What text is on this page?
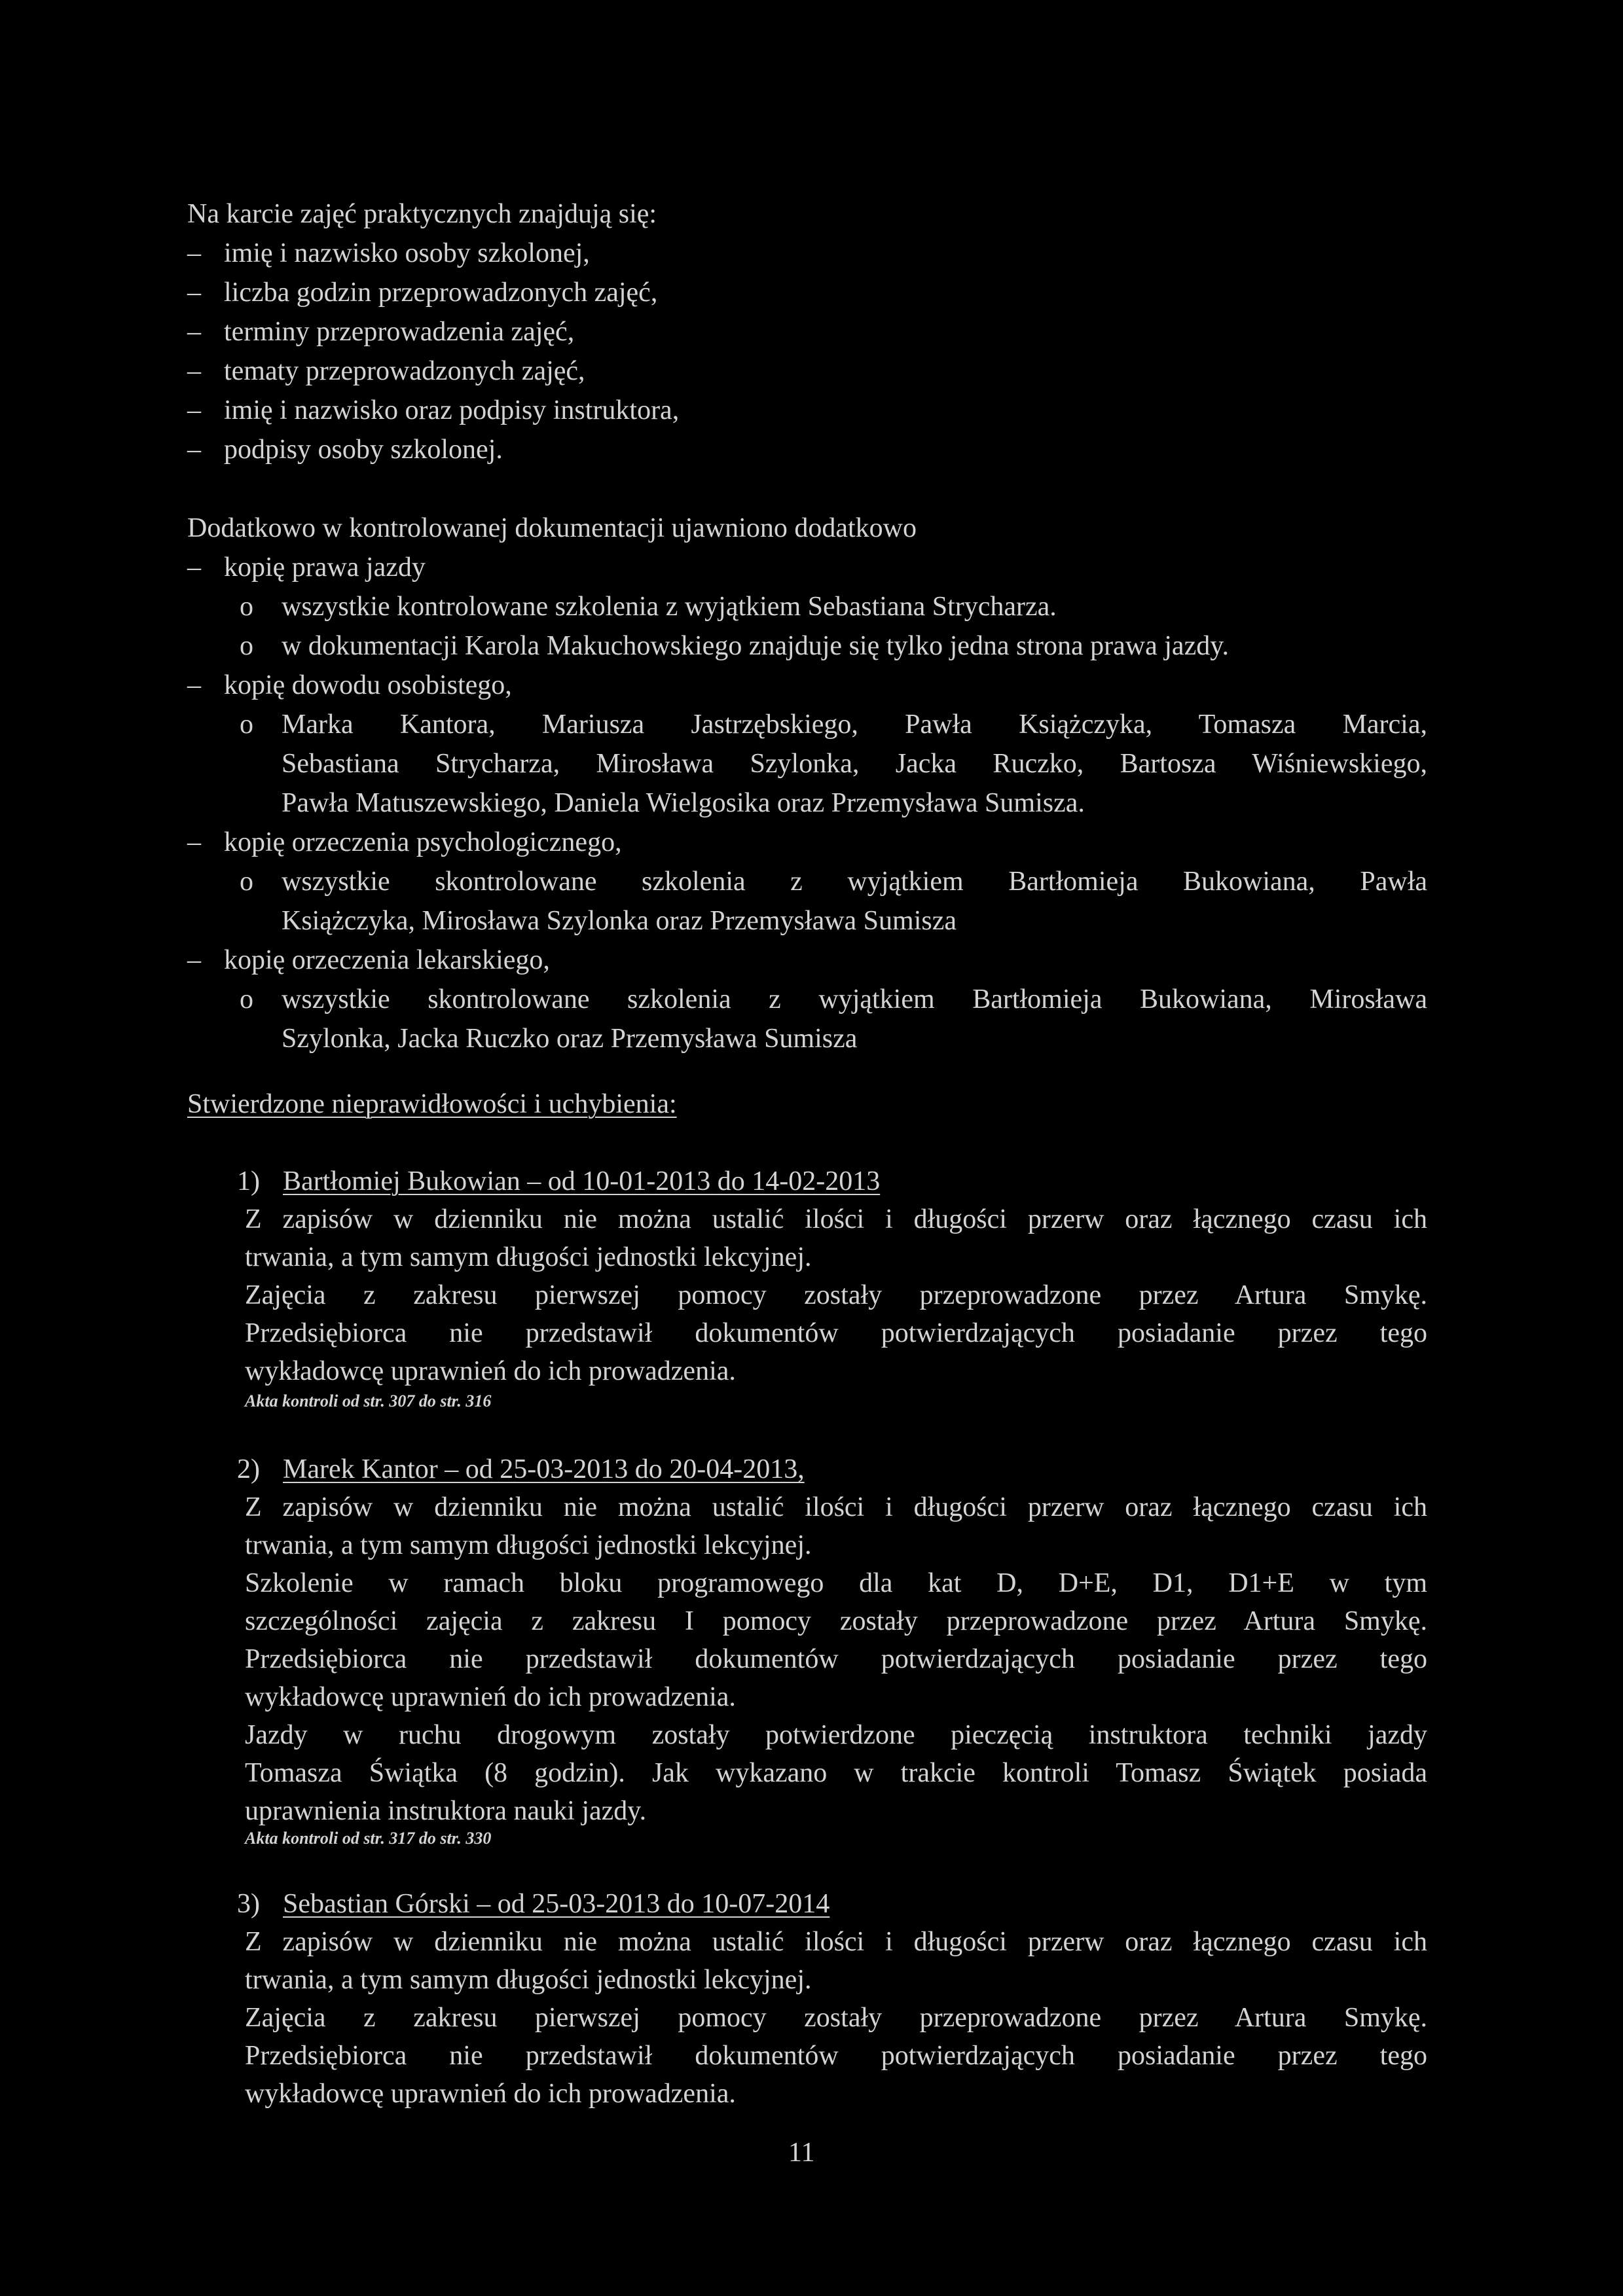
Na karcie zajęć praktycznych znajdują się:
– imię i nazwisko osoby szkolonej,
– liczba godzin przeprowadzonych zajęć,
– terminy przeprowadzenia zajęć,
– tematy przeprowadzonych zajęć,
– imię i nazwisko oraz podpisy instruktora,
– podpisy osoby szkolonej.
Dodatkowo w kontrolowanej dokumentacji ujawniono dodatkowo
– kopię prawa jazdy
o wszystkie kontrolowane szkolenia z wyjątkiem Sebastiana Strycharza.
o w dokumentacji Karola Makuchowskiego znajduje się tylko jedna strona prawa jazdy.
– kopię dowodu osobistego,
o Marka Kantora, Mariusza Jastrzębskiego, Pawła Książczyka, Tomasza Marcia,
Sebastiana Strycharza, Mirosława Szylonka, Jacka Ruczko, Bartosza Wiśniewskiego,
Pawła Matuszewskiego, Daniela Wielgosika oraz Przemysława Sumisza.
– kopię orzeczenia psychologicznego,
o wszystkie skontrolowane szkolenia z wyjątkiem Bartłomieja Bukowiana, Pawła
Książczyka, Mirosława Szylonka oraz Przemysława Sumisza
– kopię orzeczenia lekarskiego,
o wszystkie skontrolowane szkolenia z wyjątkiem Bartłomieja Bukowiana, Mirosława
Szylonka, Jacka Ruczko oraz Przemysława Sumisza
Stwierdzone nieprawidłowości i uchybienia:
1) Bartłomiej Bukowian – od 10-01-2013 do 14-02-2013
Z zapisów w dzienniku nie można ustalić ilości i długości przerw oraz łącznego czasu ich
trwania, a tym samym długości jednostki lekcyjnej.
Zajęcia z zakresu pierwszej pomocy zostały przeprowadzone przez Artura Smykę.
Przedsiębiorca nie przedstawił dokumentów potwierdzających posiadanie przez tego
wykładowcę uprawnień do ich prowadzenia.
Akta kontroli od str. 307 do str. 316
2) Marek Kantor – od 25-03-2013 do 20-04-2013,
Z zapisów w dzienniku nie można ustalić ilości i długości przerw oraz łącznego czasu ich
trwania, a tym samym długości jednostki lekcyjnej.
Szkolenie w ramach bloku programowego dla kat D, D+E, D1, D1+E w tym
szczególności zajęcia z zakresu I pomocy zostały przeprowadzone przez Artura Smykę.
Przedsiębiorca nie przedstawił dokumentów potwierdzających posiadanie przez tego
wykładowcę uprawnień do ich prowadzenia.
Jazdy w ruchu drogowym zostały potwierdzone pieczęcią instruktora techniki jazdy
Tomasza Świątka (8 godzin). Jak wykazano w trakcie kontroli Tomasz Świątek posiada
uprawnienia instruktora nauki jazdy.
Akta kontroli od str. 317 do str. 330
3) Sebastian Górski – od 25-03-2013 do 10-07-2014
Z zapisów w dzienniku nie można ustalić ilości i długości przerw oraz łącznego czasu ich
trwania, a tym samym długości jednostki lekcyjnej.
Zajęcia z zakresu pierwszej pomocy zostały przeprowadzone przez Artura Smykę.
Przedsiębiorca nie przedstawił dokumentów potwierdzających posiadanie przez tego
wykładowcę uprawnień do ich prowadzenia.
11
